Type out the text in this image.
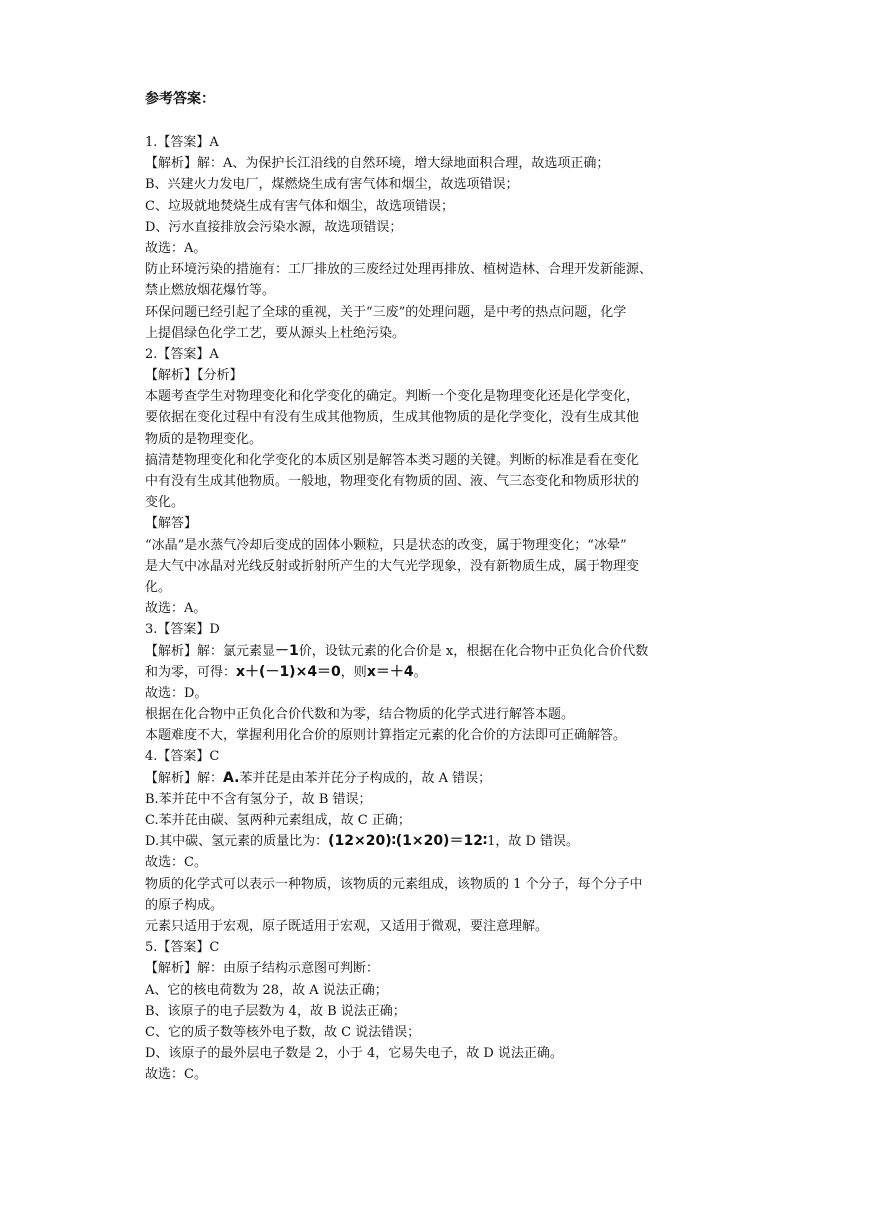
参考答案：
1.【答案】A
【解析】解：A、为保护长江沿线的自然环境，增大绿地面积合理，故选项正确；
B、兴建火力发电厂，煤燃烧生成有害气体和烟尘，故选项错误；
C、垃圾就地焚烧生成有害气体和烟尘，故选项错误；
D、污水直接排放会污染水源，故选项错误；
故选：A。
防止环境污染的措施有：工厂排放的三废经过处理再排放、植树造林、合理开发新能源、
禁止燃放烟花爆竹等。
环保问题已经引起了全球的重视，关于“三废”的处理问题，是中考的热点问题，化学
上提倡绿色化学工艺，要从源头上杜绝污染。
2.【答案】A
【解析】【分析】
本题考查学生对物理变化和化学变化的确定。判断一个变化是物理变化还是化学变化，
要依据在变化过程中有没有生成其他物质，生成其他物质的是化学变化，没有生成其他
物质的是物理变化。
搞清楚物理变化和化学变化的本质区别是解答本类习题的关键。判断的标准是看在变化
中有没有生成其他物质。一般地，物理变化有物质的固、液、气三态变化和物质形状的
变化。
【解答】
“冰晶”是水蒸气冷却后变成的固体小颗粒，只是状态的改变，属于物理变化；“冰晕”
是大气中冰晶对光线反射或折射所产生的大气光学现象，没有新物质生成，属于物理变
化。
故选：A。
3.【答案】D
【解析】解：氯元素显－1价，设钛元素的化合价是 x，根据在化合物中正负化合价代数
和为零，可得：x＋(－1)×4＝0，则x＝＋4。
故选：D。
根据在化合物中正负化合价代数和为零，结合物质的化学式进行解答本题。
本题难度不大，掌握利用化合价的原则计算指定元素的化合价的方法即可正确解答。
4.【答案】C
【解析】解：A.苯并芘是由苯并芘分子构成的，故 A 错误；
B.苯并芘中不含有氢分子，故 B 错误；
C.苯并芘由碳、氢两种元素组成，故 C 正确；
D.其中碳、氢元素的质量比为：(12×20)∶(1×20)＝12∶1，故 D 错误。
故选：C。
物质的化学式可以表示一种物质，该物质的元素组成，该物质的 1 个分子，每个分子中
的原子构成。
元素只适用于宏观，原子既适用于宏观，又适用于微观，要注意理解。
5.【答案】C
【解析】解：由原子结构示意图可判断：
A、它的核电荷数为 28，故 A 说法正确；
B、该原子的电子层数为 4，故 B 说法正确；
C、它的质子数等核外电子数，故 C 说法错误；
D、该原子的最外层电子数是 2，小于 4，它易失电子，故 D 说法正确。
故选：C。
